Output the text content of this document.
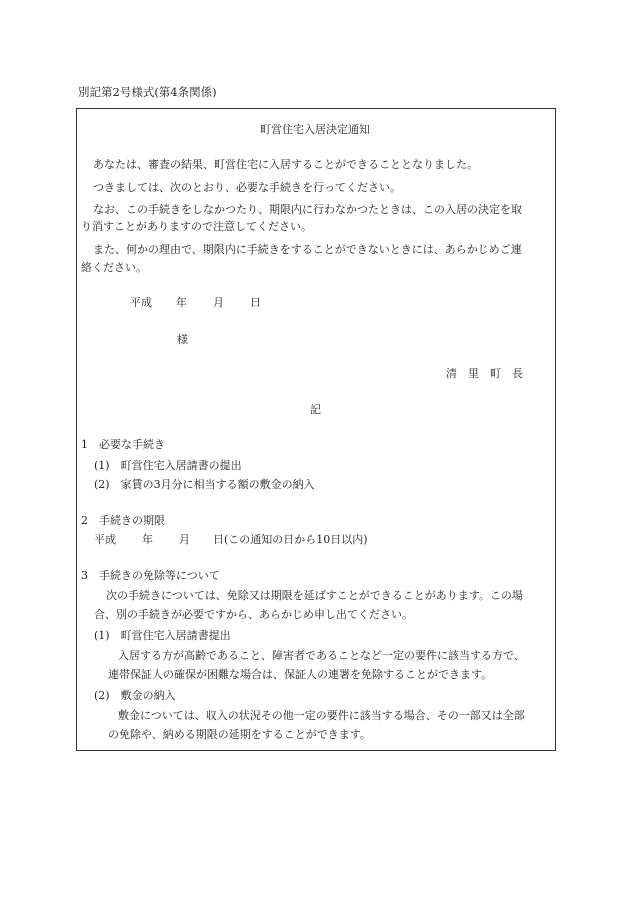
別記第2号様式(第4条関係)
町営住宅入居決定通知
あなたは、審査の結果、町営住宅に入居することができることとなりました。
つきましては、次のとおり、必要な手続きを行ってください。
なお、この手続きをしなかつたり、期限内に行わなかつたときは、この入居の決定を取
り消すことがありますので注意してください。
また、何かの理由で、期限内に手続きをすることができないときには、あらかじめご連
絡ください。
平成 年 月 日
様
清　里　町　長
記
1　必要な手続き
(1)　町営住宅入居請書の提出
(2)　家賃の3月分に相当する額の敷金の納入
2　手続きの期限
平成 年 月 日(この通知の日から10日以内)
3　手続きの免除等について
次の手続きについては、免除又は期限を延ばすことができることがあります。この場
合、別の手続きが必要ですから、あらかじめ申し出てください。
(1)　町営住宅入居請書提出
入居する方が高齢であること、障害者であることなど一定の要件に該当する方で、
連帯保証人の確保が困難な場合は、保証人の連署を免除することができます。
(2)　敷金の納入
敷金については、収入の状況その他一定の要件に該当する場合、その一部又は全部
の免除や、納める期限の延期をすることができます。
